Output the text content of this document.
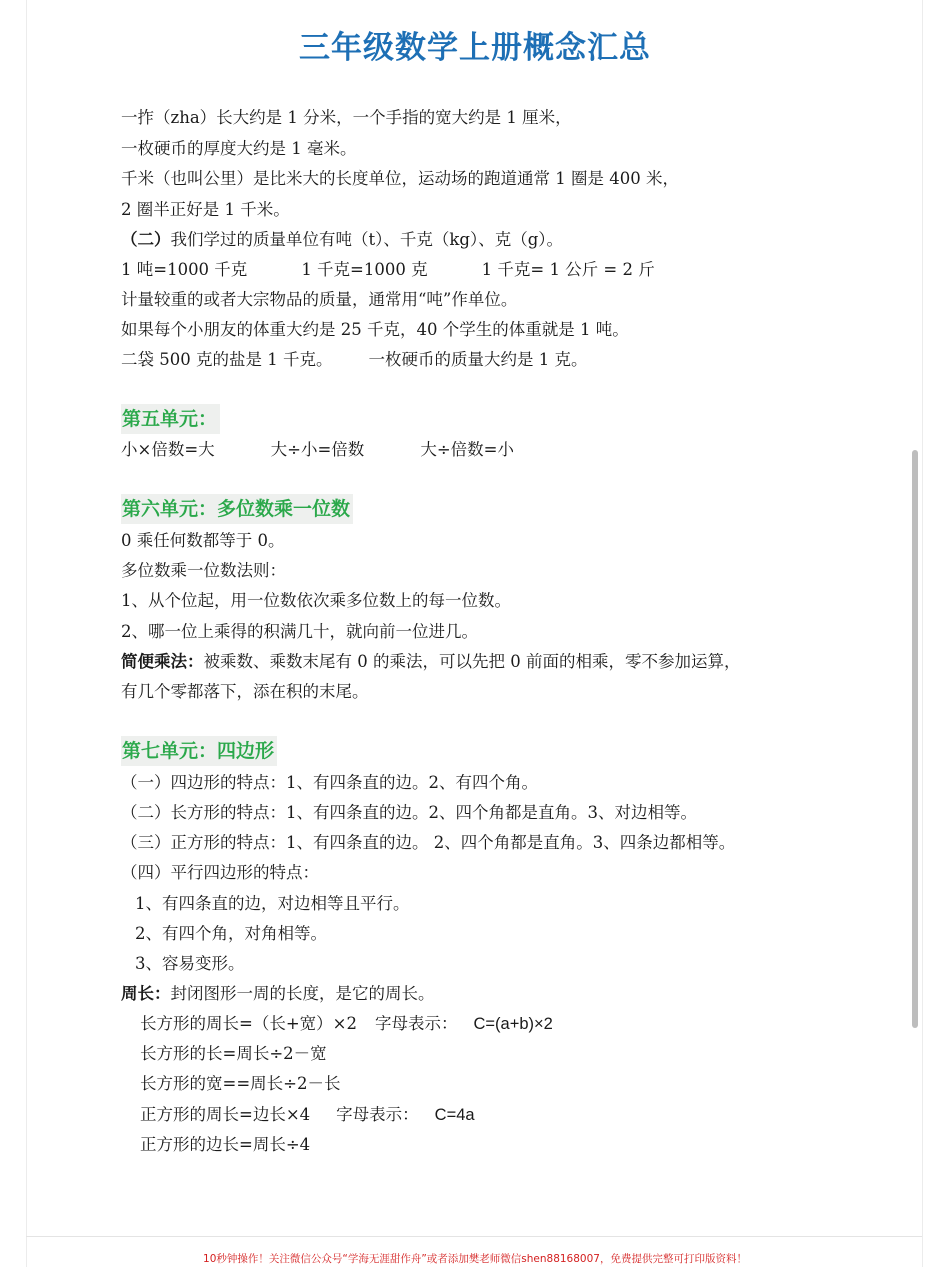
三年级数学上册概念汇总
一拃（zha）长大约是 1 分米，一个手指的宽大约是 1 厘米，
一枚硬币的厚度大约是 1 毫米。
千米（也叫公里）是比米大的长度单位，运动场的跑道通常 1 圈是 400 米，
2 圈半正好是 1 千米。
（二）我们学过的质量单位有吨（t）、千克（kg）、克（g）。
1 吨=1000 千克	1 千克=1000 克	1 千克= 1 公斤 = 2 斤
计量较重的或者大宗物品的质量，通常用“吨”作单位。
如果每个小朋友的体重大约是 25 千克，40 个学生的体重就是 1 吨。
二袋 500 克的盐是 1 千克。 一枚硬币的质量大约是 1 克。
第五单元：
小×倍数=大	大÷小=倍数	大÷倍数=小
第六单元：多位数乘一位数
0 乘任何数都等于 0。
多位数乘一位数法则：
1、从个位起，用一位数依次乘多位数上的每一位数。
2、哪一位上乘得的积满几十，就向前一位进几。
简便乘法：被乘数、乘数末尾有 0 的乘法，可以先把 0 前面的相乘，零不参加运算，
有几个零都落下，添在积的末尾。
第七单元：四边形
（一）四边形的特点：1、有四条直的边。2、有四个角。
（二）长方形的特点：1、有四条直的边。2、四个角都是直角。3、对边相等。
（三）正方形的特点：1、有四条直的边。 2、四个角都是直角。3、四条边都相等。
（四）平行四边形的特点：
1、有四条直的边，对边相等且平行。
2、有四个角，对角相等。
3、容易变形。
周长：封闭图形一周的长度，是它的周长。
长方形的周长=（长+宽）×2 字母表示： C=(a+b)×2
长方形的长=周长÷2－宽
长方形的宽==周长÷2－长
正方形的周长=边长×4 字母表示： C=4a
正方形的边长=周长÷4
10秒钟操作！关注微信公众号“学海无涯甜作舟”或者添加樊老师微信shen88168007，免费提供完整可打印版资料！
